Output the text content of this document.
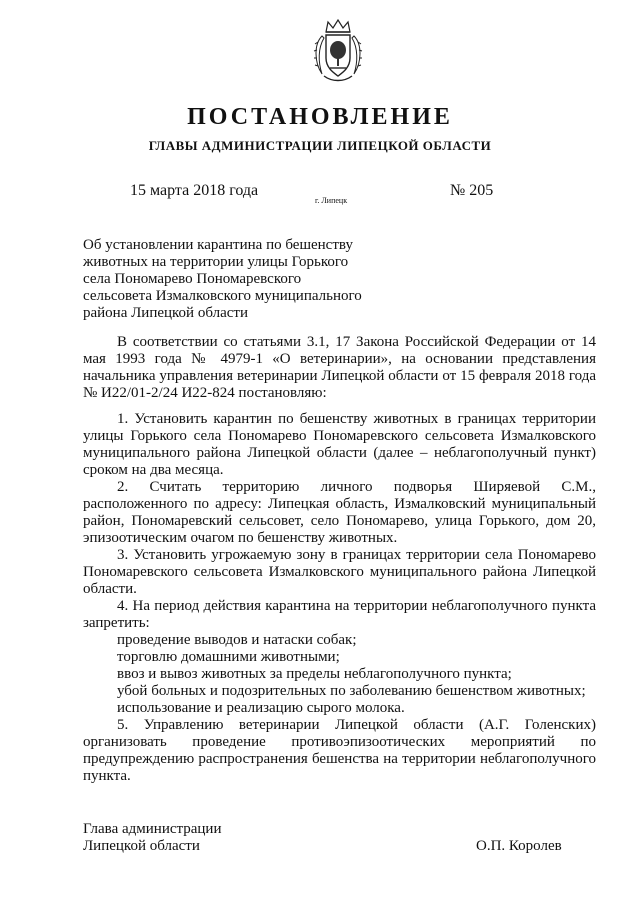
ПОСТАНОВЛЕНИЕ
ГЛАВЫ АДМИНИСТРАЦИИ ЛИПЕЦКОЙ ОБЛАСТИ
15 марта 2018 года
г. Липецк
№ 205
Об установлении карантина по бешенству
животных на территории улицы Горького
села Пономарево Пономаревского
сельсовета Измалковского муниципального
района Липецкой области

В соответствии со статьями 3.1, 17 Закона Российской Федерации от 14 мая 1993 года № 4979-1 «О ветеринарии», на основании представления начальника управления ветеринарии Липецкой области от 15 февраля 2018 года № И22/01-2/24 И22-824 постановляю:

1. Установить карантин по бешенству животных в границах территории улицы Горького села Пономарево Пономаревского сельсовета Измалковского муниципального района Липецкой области (далее – неблагополучный пункт) сроком на два месяца.

2. Считать территорию личного подворья Ширяевой С.М., расположенного по адресу: Липецкая область, Измалковский муниципальный район, Пономаревский сельсовет, село Пономарево, улица Горького, дом 20, эпизоотическим очагом по бешенству животных.

3. Установить угрожаемую зону в границах территории села Пономарево Пономаревского сельсовета Измалковского муниципального района Липецкой области.

4. На период действия карантина на территории неблагополучного пункта запретить:

проведение выводов и натаски собак;

торговлю домашними животными;

ввоз и вывоз животных за пределы неблагополучного пункта;

убой больных и подозрительных по заболеванию бешенством животных;

использование и реализацию сырого молока.

5. Управлению ветеринарии Липецкой области (А.Г. Голенских) организовать проведение противоэпизоотических мероприятий по предупреждению распространения бешенства на территории неблагополучного пункта.

Глава администрации
Липецкой области	О.П. Королев
